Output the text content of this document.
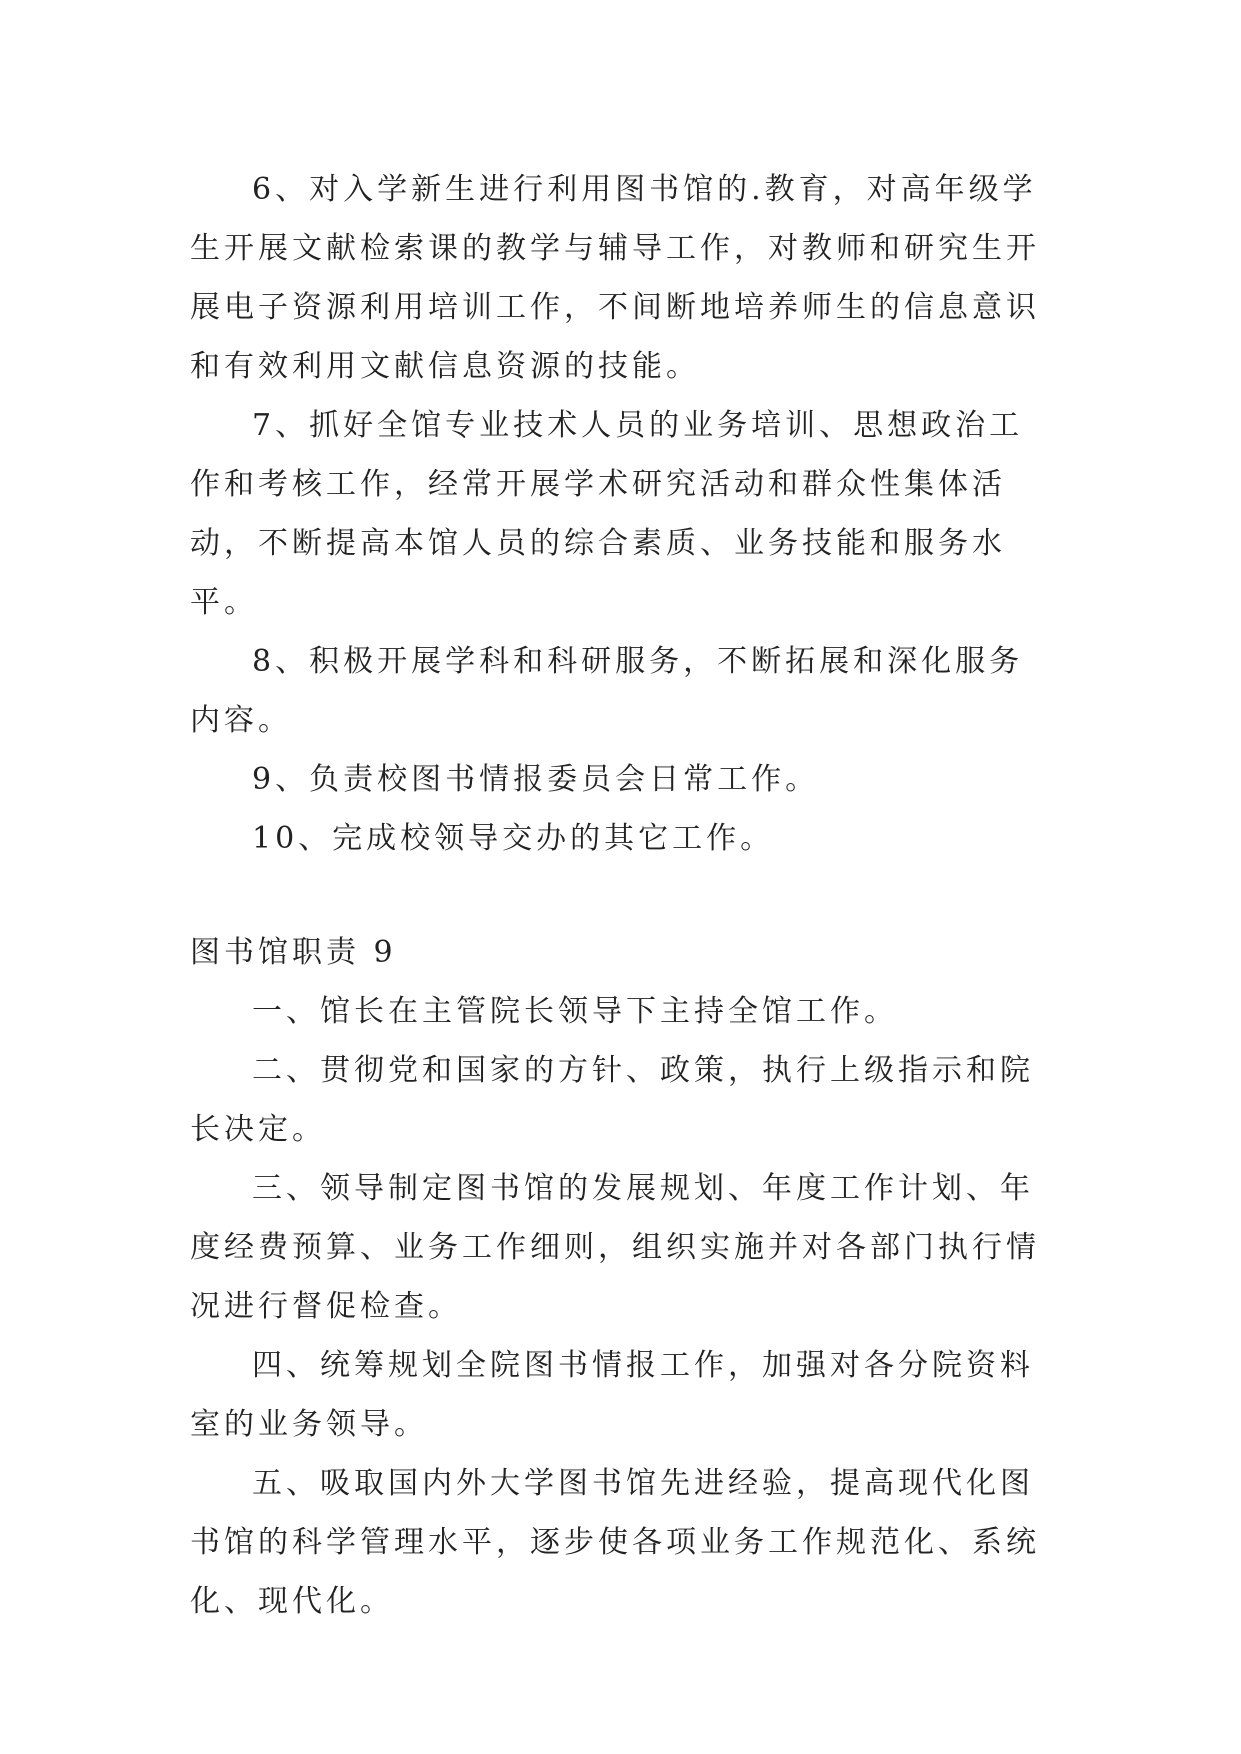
6、对入学新生进行利用图书馆的.教育，对高年级学生开展文献检索课的教学与辅导工作，对教师和研究生开展电子资源利用培训工作，不间断地培养师生的信息意识和有效利用文献信息资源的技能。

7、抓好全馆专业技术人员的业务培训、思想政治工作和考核工作，经常开展学术研究活动和群众性集体活动，不断提高本馆人员的综合素质、业务技能和服务水平。

8、积极开展学科和科研服务，不断拓展和深化服务内容。

9、负责校图书情报委员会日常工作。

10、完成校领导交办的其它工作。

图书馆职责 9

一、馆长在主管院长领导下主持全馆工作。

二、贯彻党和国家的方针、政策，执行上级指示和院长决定。

三、领导制定图书馆的发展规划、年度工作计划、年度经费预算、业务工作细则，组织实施并对各部门执行情况进行督促检查。

四、统筹规划全院图书情报工作，加强对各分院资料室的业务领导。

五、吸取国内外大学图书馆先进经验，提高现代化图书馆的科学管理水平，逐步使各项业务工作规范化、系统化、现代化。
